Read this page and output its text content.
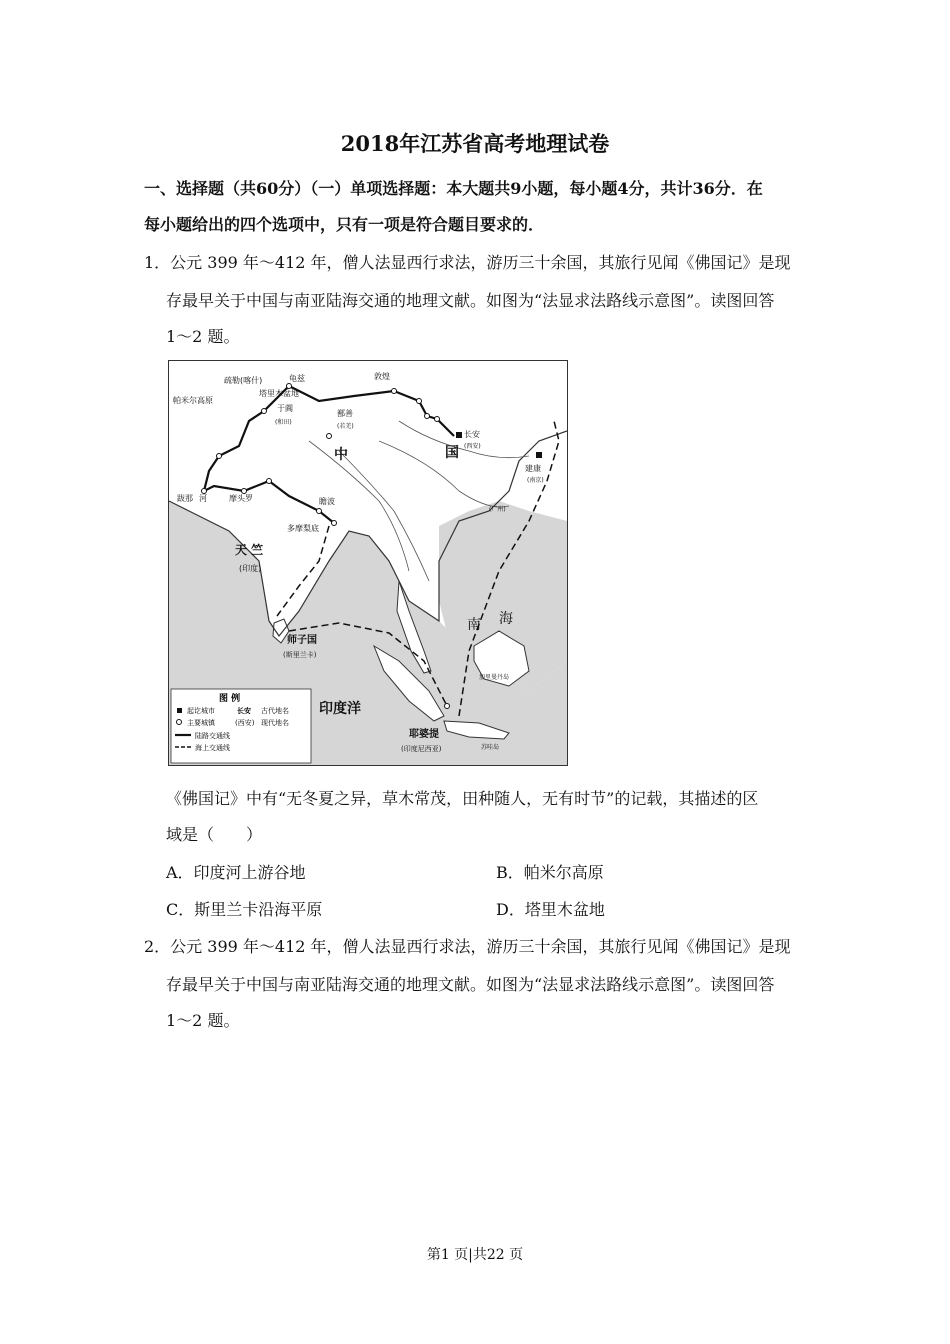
2018年江苏省高考地理试卷
一、选择题（共60分）（一）单项选择题：本大题共9小题，每小题4分，共计36分．在
每小题给出的四个选项中，只有一项是符合题目要求的．
1．公元 399 年～412 年，僧人法显西行求法，游历三十余国，其旅行见闻《佛国记》是现
存最早关于中国与南亚陆海交通的地理文献。如图为“法显求法路线示意图”。读图回答
1～2 题。
疏勒(喀什)	龟兹
塔里木盆地
帕米尔高原
于阗
(和田)
敦煌
鄯善
(若羌)
长安
(西安)
建康
(南京)
(广州)
跋那 河	摩头罗	瞻波
多摩梨底
加里曼丹岛
苏哇岛
中	国
天 竺
(印度)
师子国
(斯里兰卡)
南 海
印度洋
耶婆提
(印度尼西亚)
图 例
起讫城市	长安 古代地名
主要城镇	(西安) 现代地名
陆路交通线
海上交通线
《佛国记》中有“无冬夏之异，草木常茂，田种随人，无有时节”的记载，其描述的区
域是（　　）
A．印度河上游谷地	B．帕米尔高原
C．斯里兰卡沿海平原	D．塔里木盆地
2．公元 399 年～412 年，僧人法显西行求法，游历三十余国，其旅行见闻《佛国记》是现
存最早关于中国与南亚陆海交通的地理文献。如图为“法显求法路线示意图”。读图回答
1～2 题。
第1 页|共22 页
